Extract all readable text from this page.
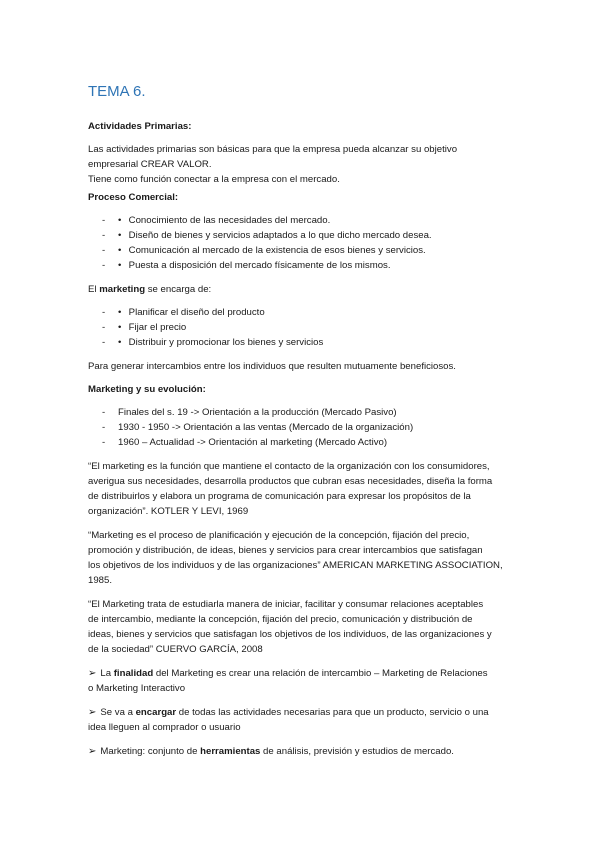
TEMA 6.
Actividades Primarias:

Las actividades primarias son básicas para que la empresa pueda alcanzar su objetivo
empresarial CREAR VALOR.
Tiene como función conectar a la empresa con el mercado.

Proceso Comercial:
- • Conocimiento de las necesidades del mercado.
- • Diseño de bienes y servicios adaptados a lo que dicho mercado desea.
- • Comunicación al mercado de la existencia de esos bienes y servicios.
- • Puesta a disposición del mercado físicamente de los mismos.

El marketing se encarga de:

- • Planificar el diseño del producto
- • Fijar el precio
- • Distribuir y promocionar los bienes y servicios

Para generar intercambios entre los individuos que resulten mutuamente beneficiosos.

Marketing y su evolución:
- Finales del s. 19 -> Orientación a la producción (Mercado Pasivo)
- 1930 - 1950 -> Orientación a las ventas (Mercado de la organización)
- 1960 – Actualidad -> Orientación al marketing (Mercado Activo)

“El marketing es la función que mantiene el contacto de la organización con los consumidores,
averigua sus necesidades, desarrolla productos que cubran esas necesidades, diseña la forma
de distribuirlos y elabora un programa de comunicación para expresar los propósitos de la
organización”. KOTLER Y LEVI, 1969

“Marketing es el proceso de planificación y ejecución de la concepción, fijación del precio,
promoción y distribución, de ideas, bienes y servicios para crear intercambios que satisfagan
los objetivos de los individuos y de las organizaciones” AMERICAN MARKETING ASSOCIATION,
1985.

“El Marketing trata de estudiarla manera de iniciar, facilitar y consumar relaciones aceptables
de intercambio, mediante la concepción, fijación del precio, comunicación y distribución de
ideas, bienes y servicios que satisfagan los objetivos de los individuos, de las organizaciones y
de la sociedad” CUERVO GARCÍA, 2008

➢ La finalidad del Marketing es crear una relación de intercambio – Marketing de Relaciones
o Marketing Interactivo

➢ Se va a encargar de todas las actividades necesarias para que un producto, servicio o una
idea lleguen al comprador o usuario

➢ Marketing: conjunto de herramientas de análisis, previsión y estudios de mercado.
